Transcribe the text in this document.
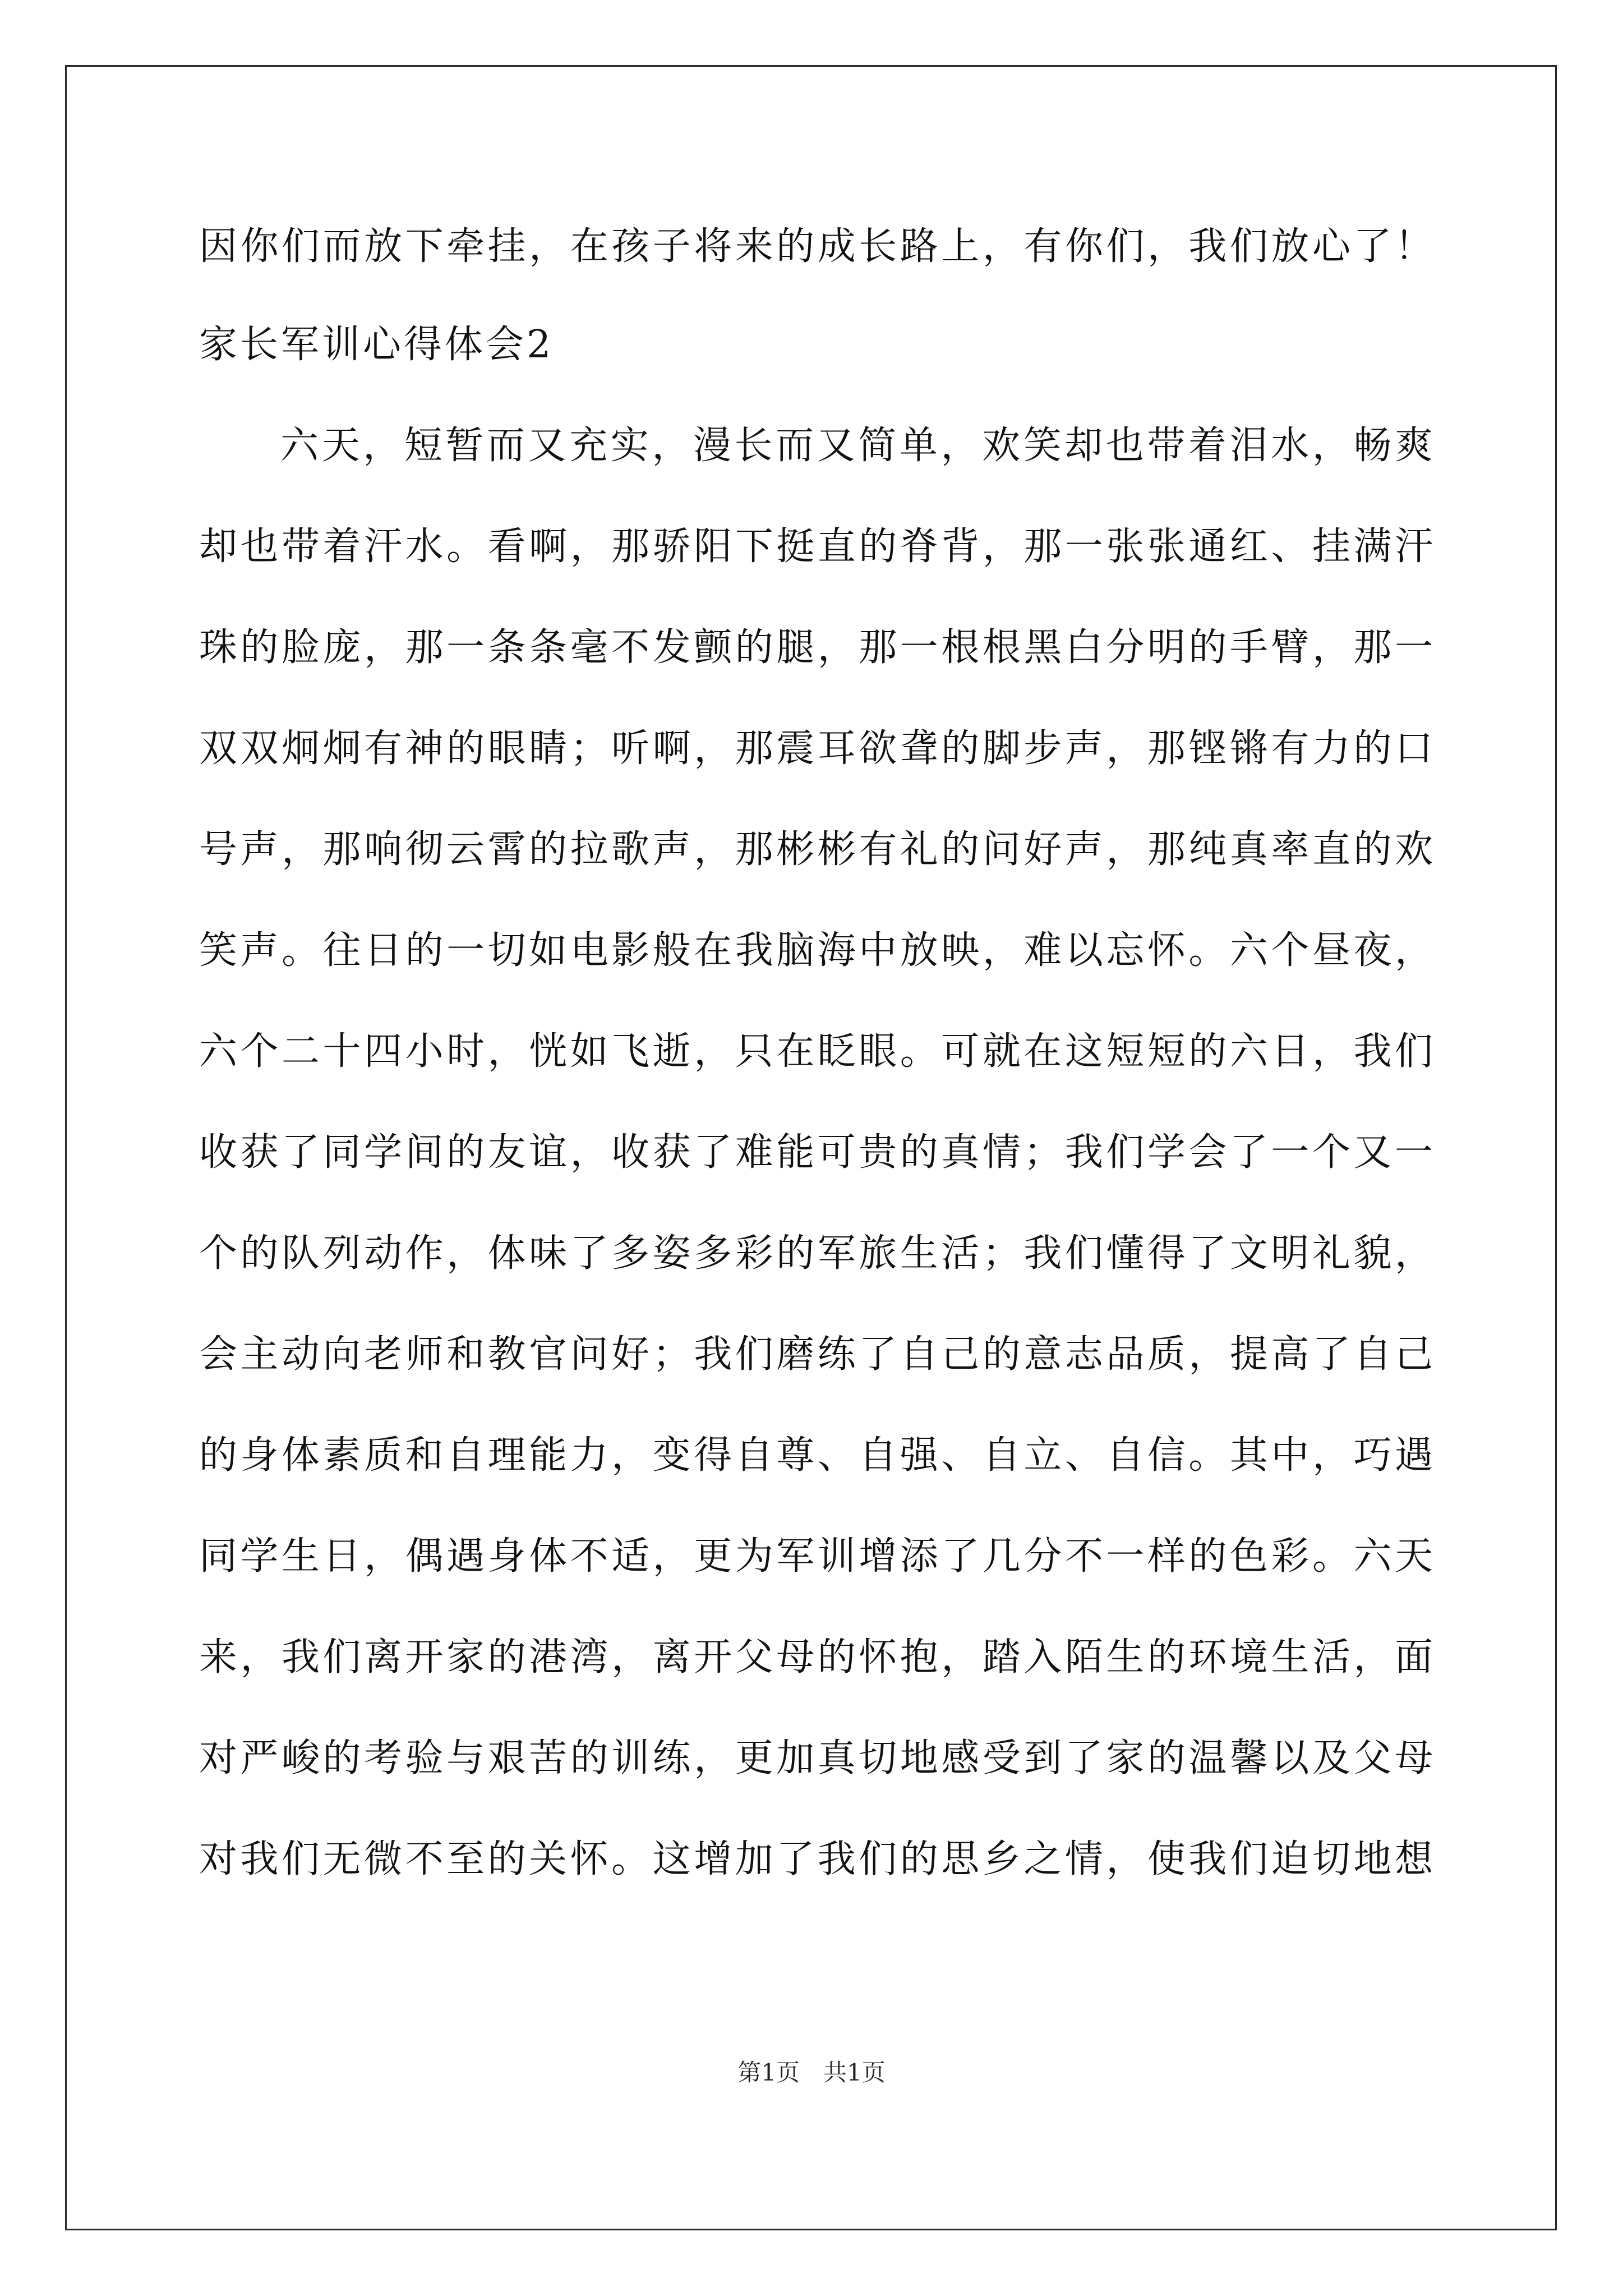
因你们而放下牵挂，在孩子将来的成长路上，有你们，我们放心了！
家长军训心得体会2
六天，短暂而又充实，漫长而又简单，欢笑却也带着泪水，畅爽
却也带着汗水。看啊，那骄阳下挺直的脊背，那一张张通红、挂满汗
珠的脸庞，那一条条毫不发颤的腿，那一根根黑白分明的手臂，那一
双双炯炯有神的眼睛；听啊，那震耳欲聋的脚步声，那铿锵有力的口
号声，那响彻云霄的拉歌声，那彬彬有礼的问好声，那纯真率直的欢
笑声。往日的一切如电影般在我脑海中放映，难以忘怀。六个昼夜，
六个二十四小时，恍如飞逝，只在眨眼。可就在这短短的六日，我们
收获了同学间的友谊，收获了难能可贵的真情；我们学会了一个又一
个的队列动作，体味了多姿多彩的军旅生活；我们懂得了文明礼貌，
会主动向老师和教官问好；我们磨练了自己的意志品质，提高了自己
的身体素质和自理能力，变得自尊、自强、自立、自信。其中，巧遇
同学生日，偶遇身体不适，更为军训增添了几分不一样的色彩。六天
来，我们离开家的港湾，离开父母的怀抱，踏入陌生的环境生活，面
对严峻的考验与艰苦的训练，更加真切地感受到了家的温馨以及父母
对我们无微不至的关怀。这增加了我们的思乡之情，使我们迫切地想
第1页　共1页
